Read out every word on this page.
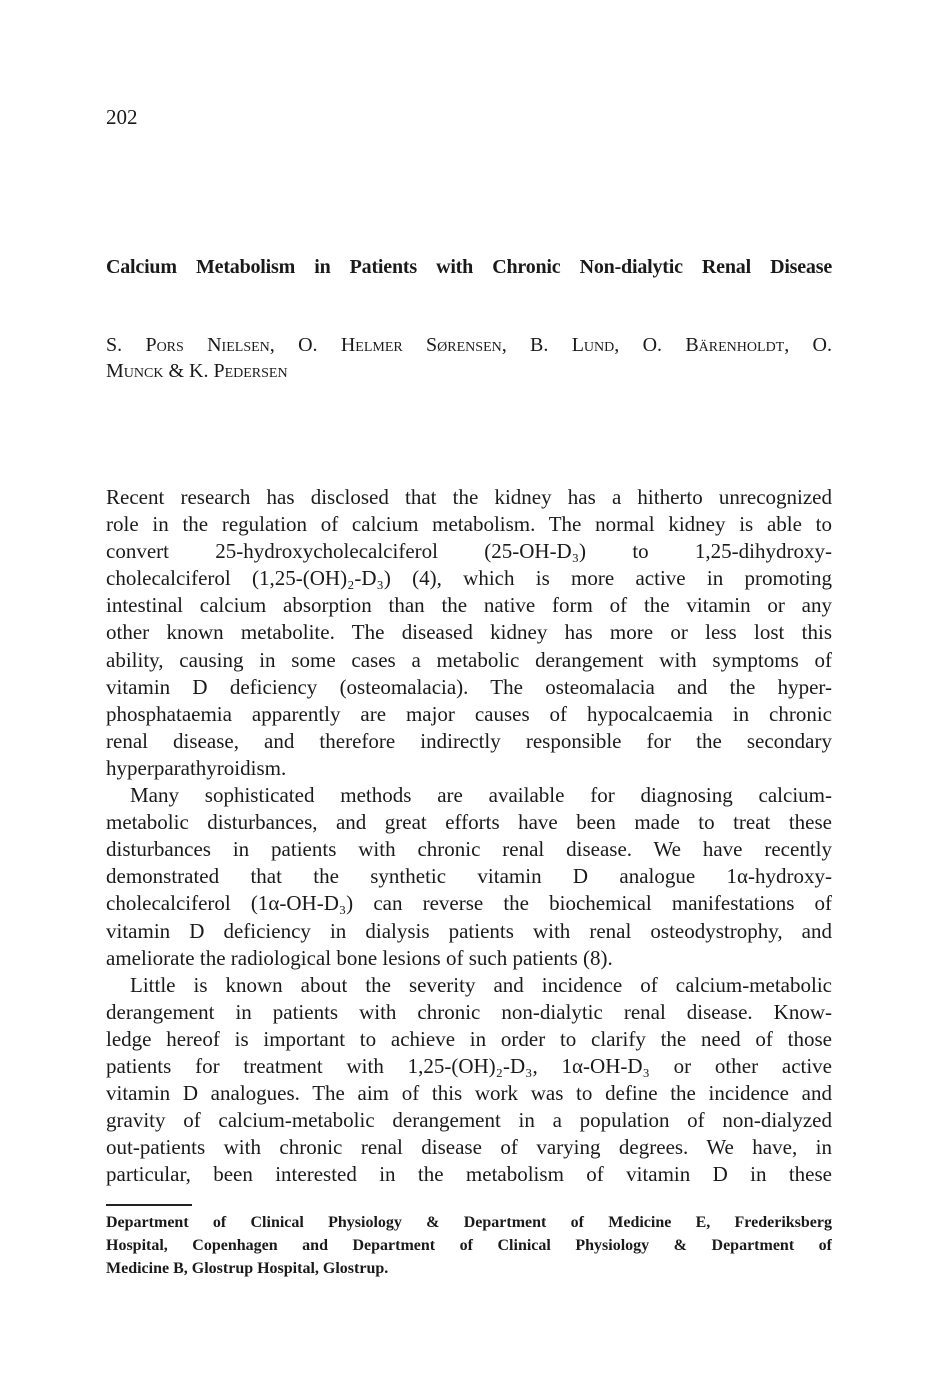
202
Calcium Metabolism in Patients with Chronic Non-dialytic Renal Disease
S. Pors Nielsen, O. Helmer Sørensen, B. Lund, O. Bärenholdt, O.
Munck & K. Pedersen
Recent research has disclosed that the kidney has a hitherto unrecognized
role in the regulation of calcium metabolism. The normal kidney is able to
convert 25-hydroxycholecalciferol (25-OH-D₃) to 1,25-dihydroxy-
cholecalciferol (1,25-(OH)₂-D₃) (4), which is more active in promoting
intestinal calcium absorption than the native form of the vitamin or any
other known metabolite. The diseased kidney has more or less lost this
ability, causing in some cases a metabolic derangement with symptoms of
vitamin D deficiency (osteomalacia). The osteomalacia and the hyper-
phosphataemia apparently are major causes of hypocalcaemia in chronic
renal disease, and therefore indirectly responsible for the secondary
hyperparathyroidism.
Many sophisticated methods are available for diagnosing calcium-
metabolic disturbances, and great efforts have been made to treat these
disturbances in patients with chronic renal disease. We have recently
demonstrated that the synthetic vitamin D analogue 1α-hydroxy-
cholecalciferol (1α-OH-D₃) can reverse the biochemical manifestations of
vitamin D deficiency in dialysis patients with renal osteodystrophy, and
ameliorate the radiological bone lesions of such patients (8).
Little is known about the severity and incidence of calcium-metabolic
derangement in patients with chronic non-dialytic renal disease. Know-
ledge hereof is important to achieve in order to clarify the need of those
patients for treatment with 1,25-(OH)₂-D₃, 1α-OH-D₃ or other active
vitamin D analogues. The aim of this work was to define the incidence and
gravity of calcium-metabolic derangement in a population of non-dialyzed
out-patients with chronic renal disease of varying degrees. We have, in
particular, been interested in the metabolism of vitamin D in these
Department of Clinical Physiology & Department of Medicine E, Frederiksberg
Hospital, Copenhagen and Department of Clinical Physiology & Department of
Medicine B, Glostrup Hospital, Glostrup.
